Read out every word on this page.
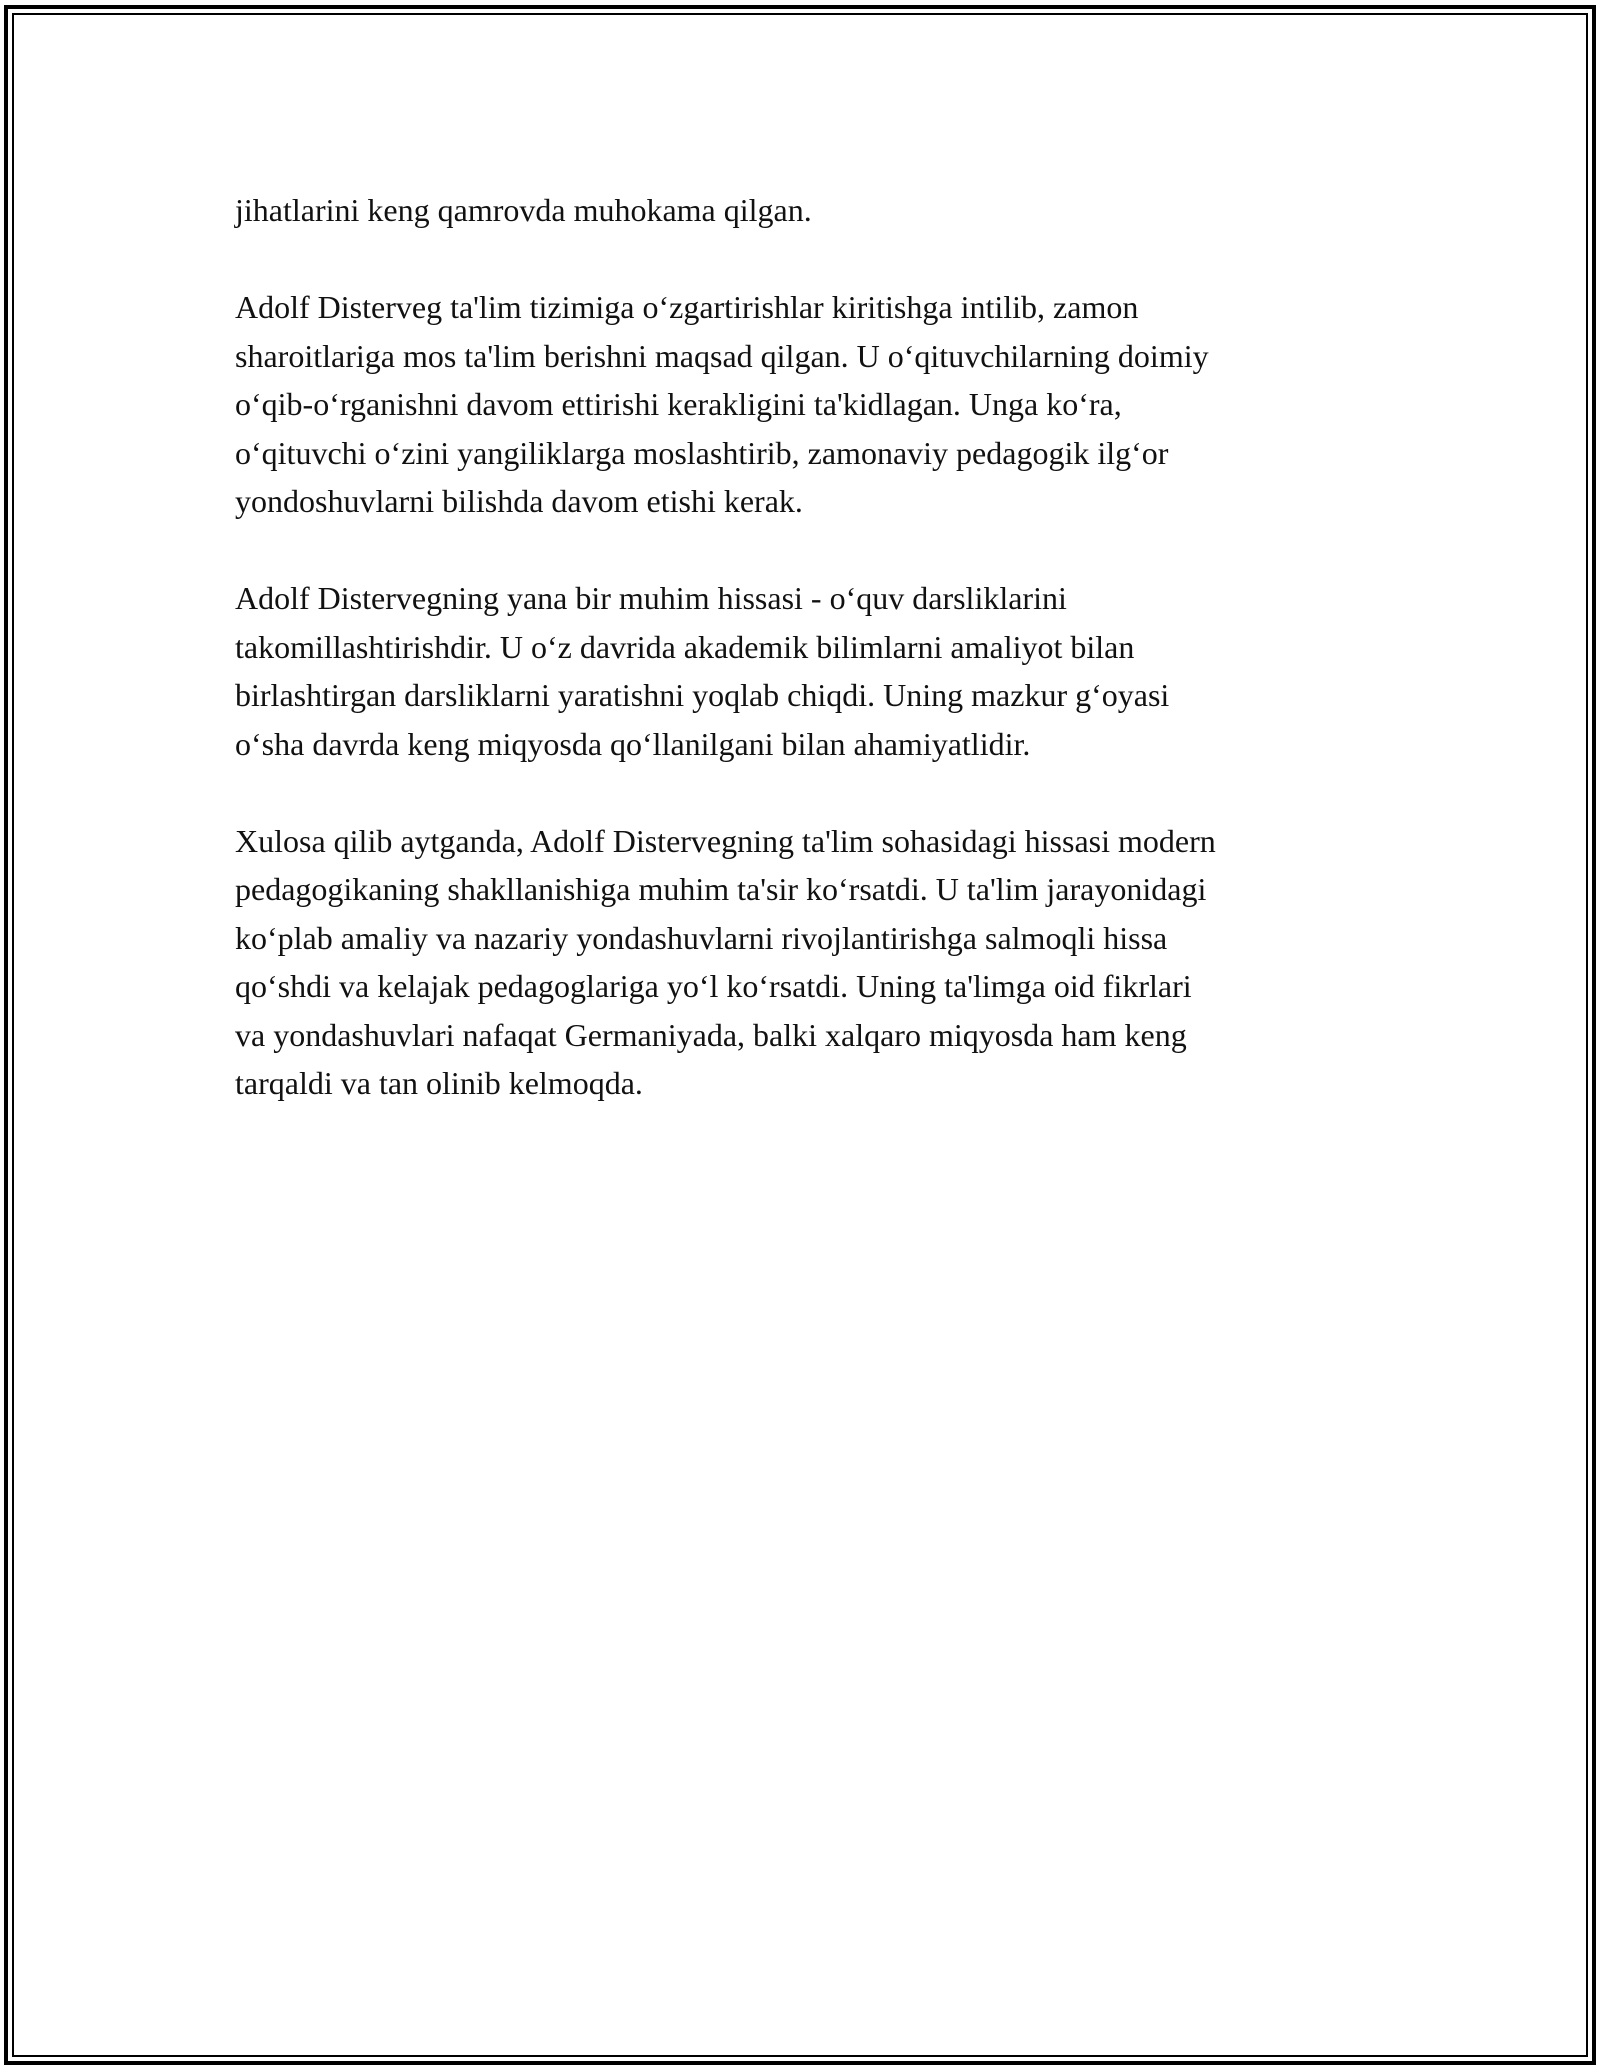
jihatlarini keng qamrovda muhokama qilgan.

Adolf Disterveg ta'lim tizimiga o‘zgartirishlar kiritishga intilib, zamon
sharoitlariga mos ta'lim berishni maqsad qilgan. U o‘qituvchilarning doimiy
o‘qib-o‘rganishni davom ettirishi kerakligini ta'kidlagan. Unga ko‘ra,
o‘qituvchi o‘zini yangiliklarga moslashtirib, zamonaviy pedagogik ilg‘or
yondoshuvlarni bilishda davom etishi kerak.

Adolf Distervegning yana bir muhim hissasi - o‘quv darsliklarini
takomillashtirishdir. U o‘z davrida akademik bilimlarni amaliyot bilan
birlashtirgan darsliklarni yaratishni yoqlab chiqdi. Uning mazkur g‘oyasi
o‘sha davrda keng miqyosda qo‘llanilgani bilan ahamiyatlidir.

Xulosa qilib aytganda, Adolf Distervegning ta'lim sohasidagi hissasi modern
pedagogikaning shakllanishiga muhim ta'sir ko‘rsatdi. U ta'lim jarayonidagi
ko‘plab amaliy va nazariy yondashuvlarni rivojlantirishga salmoqli hissa
qo‘shdi va kelajak pedagoglariga yo‘l ko‘rsatdi. Uning ta'limga oid fikrlari
va yondashuvlari nafaqat Germaniyada, balki xalqaro miqyosda ham keng
tarqaldi va tan olinib kelmoqda.
